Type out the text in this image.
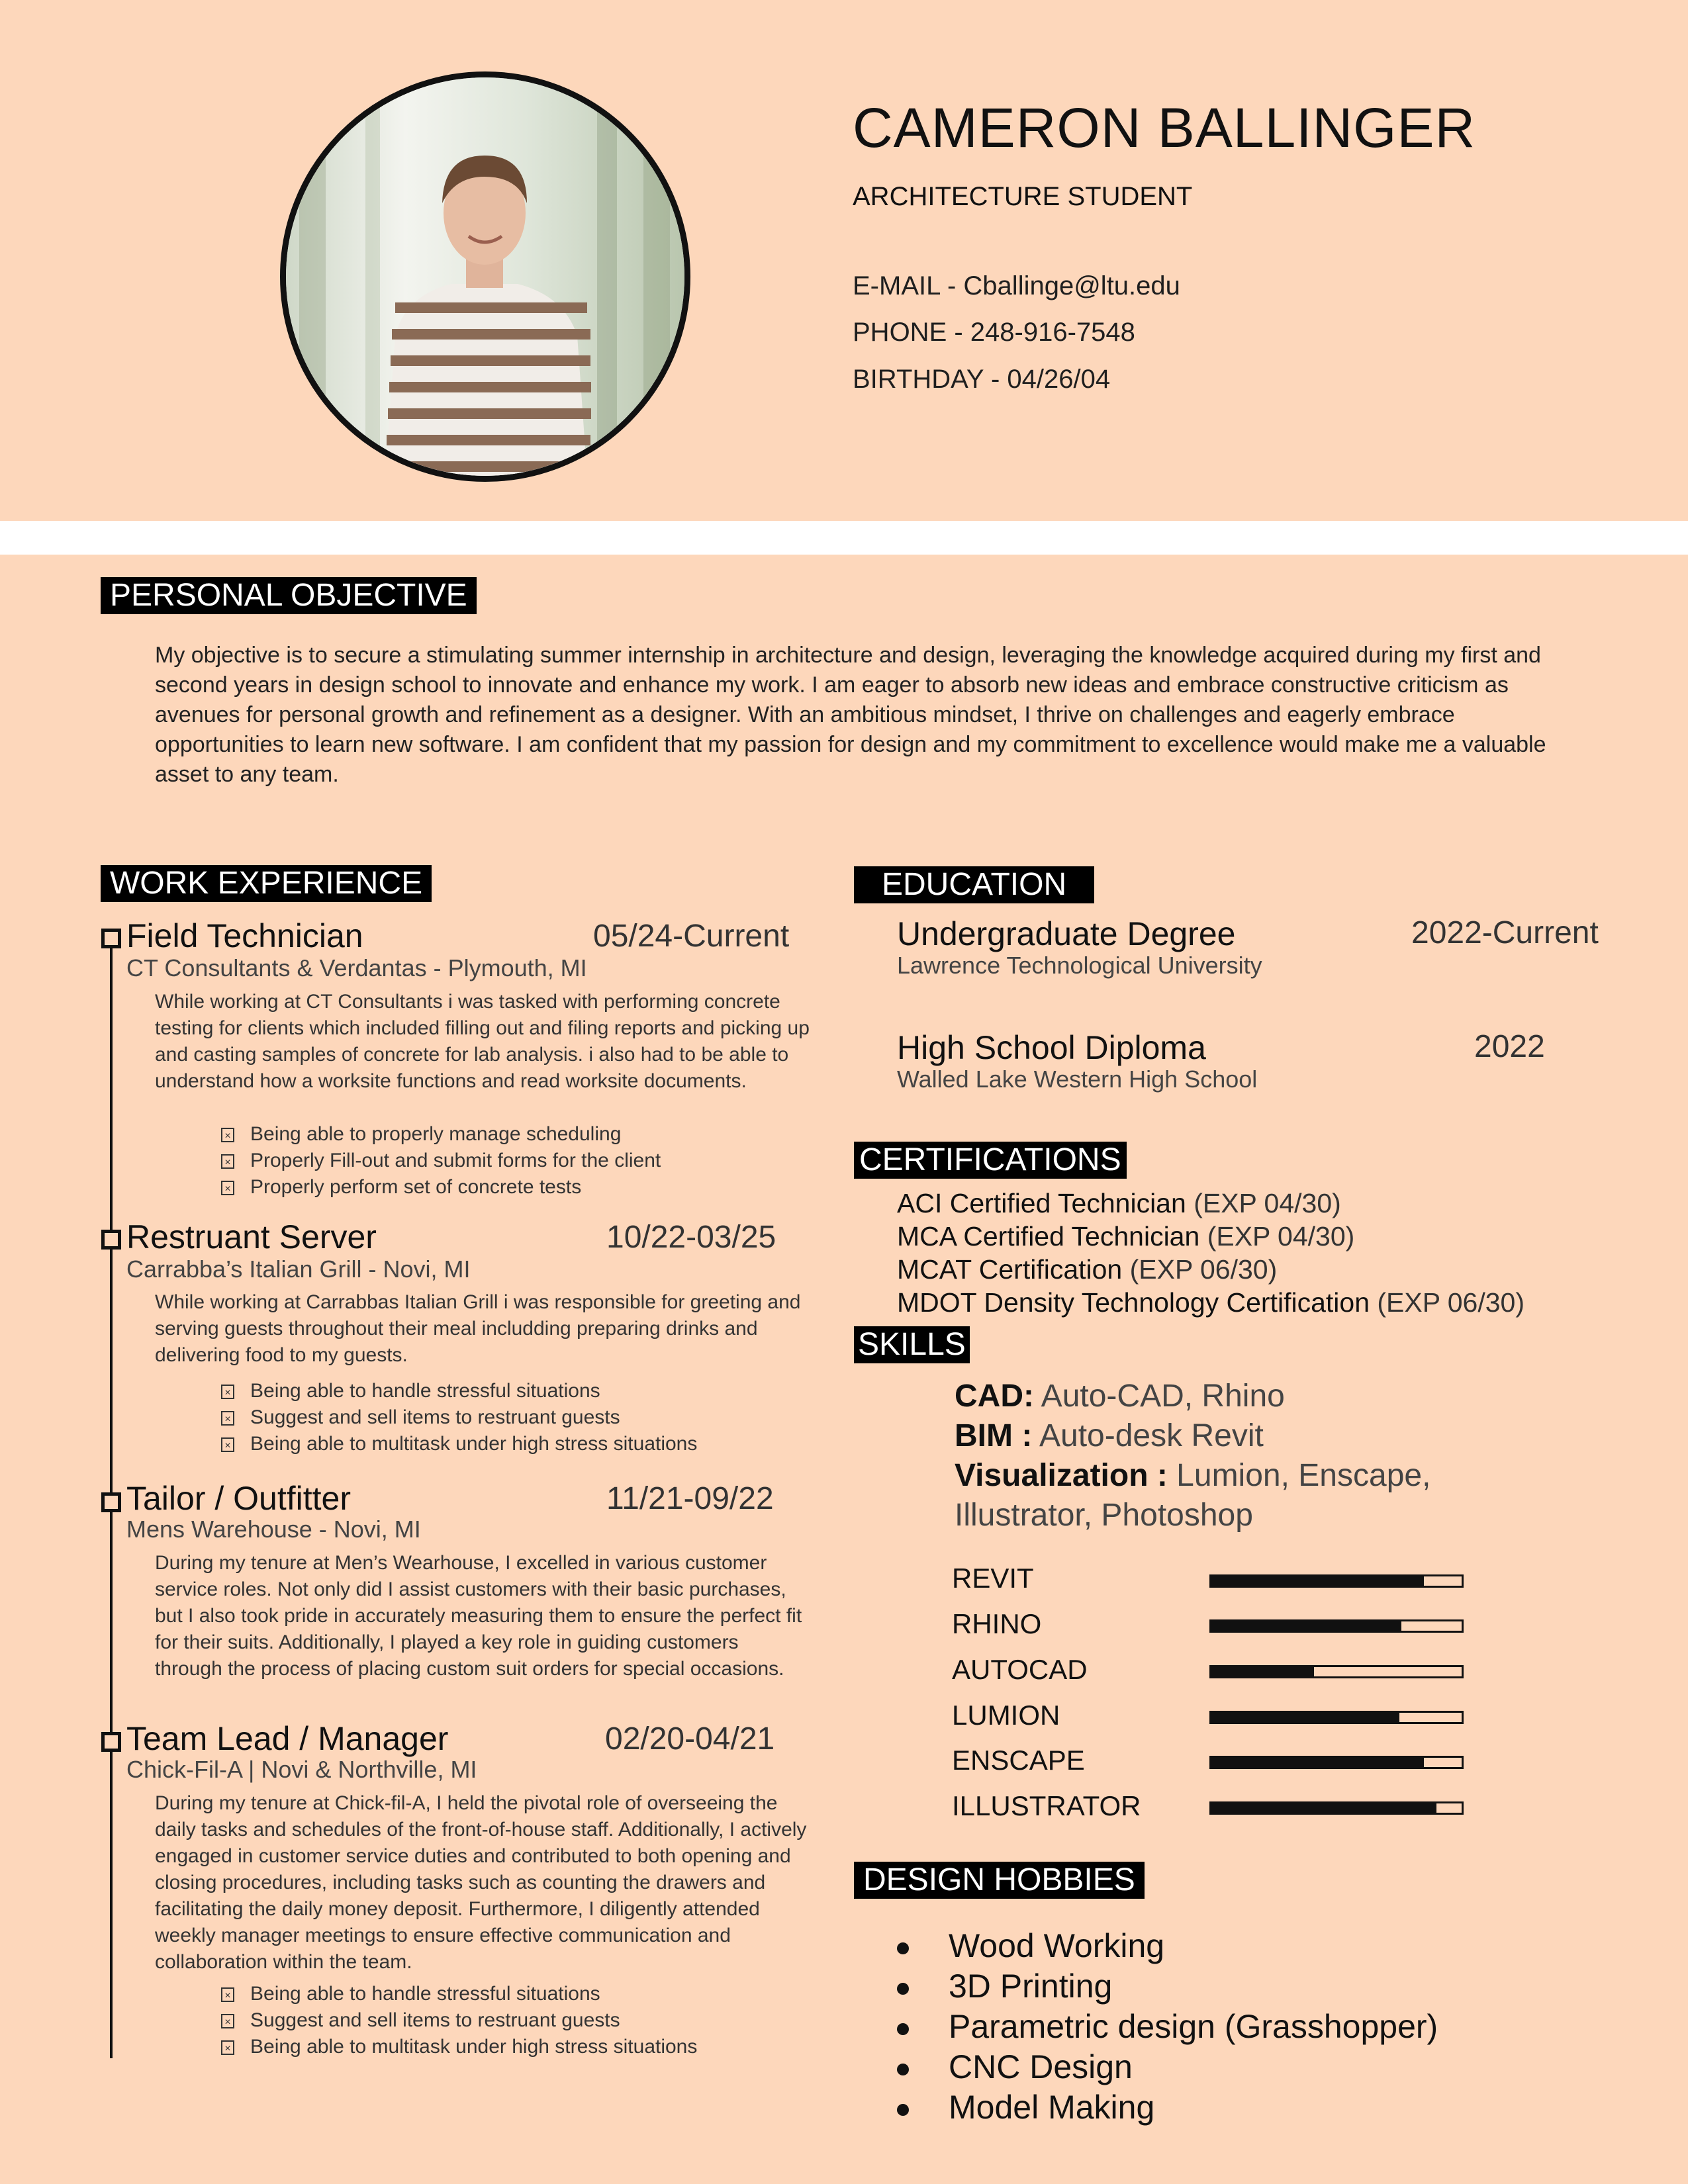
CAMERON BALLINGER
ARCHITECTURE STUDENT
E-MAIL - Cballinge@ltu.edu
PHONE - 248-916-7548
BIRTHDAY - 04/26/04
PERSONAL OBJECTIVE
My objective is to secure a stimulating summer internship in architecture and design, leveraging the knowledge acquired during my first and second years in design school to innovate and enhance my work. I am eager to absorb new ideas and embrace constructive criticism as avenues for personal growth and refinement as a designer. With an ambitious mindset, I thrive on challenges and eagerly embrace opportunities to learn new software. I am confident that my passion for design and my commitment to excellence would make me a valuable asset to any team.
WORK EXPERIENCE
Field Technician	05/24-Current
CT Consultants & Verdantas - Plymouth, MI
While working at CT Consultants i was tasked with performing concrete testing for clients which included filling out and filing reports and picking up and casting samples of concrete for lab analysis. i also had to be able to understand how a worksite functions and read worksite documents.
× Being able to properly manage scheduling
× Properly Fill-out and submit forms for the client
× Properly perform set of concrete tests
Restruant Server	10/22-03/25
Carrabba’s Italian Grill - Novi, MI
While working at Carrabbas Italian Grill i was responsible for greeting and serving guests throughout their meal includding preparing drinks and delivering food to my guests.
× Being able to handle stressful situations
× Suggest and sell items to restruant guests
× Being able to multitask under high stress situations
Tailor / Outfitter	11/21-09/22
Mens Warehouse - Novi, MI
During my tenure at Men’s Wearhouse, I excelled in various customer service roles. Not only did I assist customers with their basic purchases, but I also took pride in accurately measuring them to ensure the perfect fit for their suits. Additionally, I played a key role in guiding customers through the process of placing custom suit orders for special occasions.
Team Lead / Manager	02/20-04/21
Chick-Fil-A | Novi & Northville, MI
During my tenure at Chick-fil-A, I held the pivotal role of overseeing the daily tasks and schedules of the front-of-house staff. Additionally, I actively engaged in customer service duties and contributed to both opening and closing procedures, including tasks such as counting the drawers and facilitating the daily money deposit. Furthermore, I diligently attended weekly manager meetings to ensure effective communication and collaboration within the team.
× Being able to handle stressful situations
× Suggest and sell items to restruant guests
× Being able to multitask under high stress situations
EDUCATION
Undergraduate Degree	2022-Current
Lawrence Technological University
High School Diploma	2022
Walled Lake Western High School
CERTIFICATIONS
ACI Certified Technician (EXP 04/30)
MCA Certified Technician (EXP 04/30)
MCAT Certification (EXP 06/30)
MDOT Density Technology Certification (EXP 06/30)
SKILLS
CAD: Auto-CAD, Rhino
BIM : Auto-desk Revit
Visualization : Lumion, Enscape,
Illustrator, Photoshop
REVIT
RHINO
AUTOCAD
LUMION
ENSCAPE
ILLUSTRATOR
DESIGN HOBBIES
Wood Working
3D Printing
Parametric design (Grasshopper)
CNC Design
Model Making
